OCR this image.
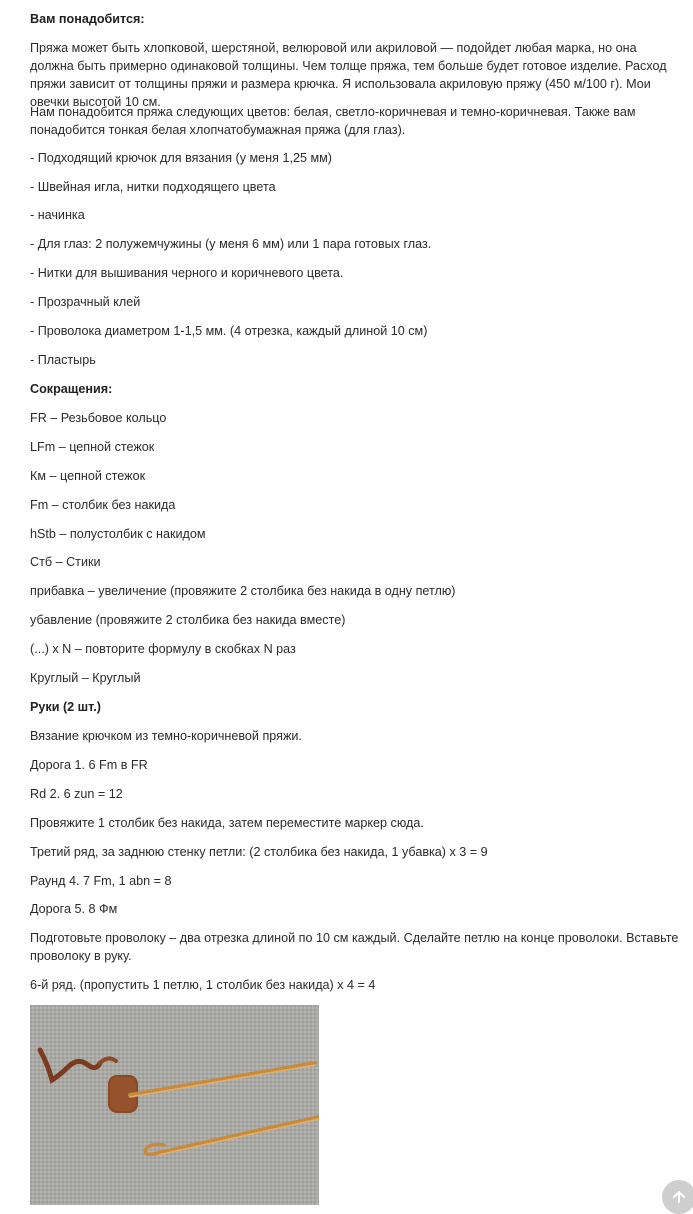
Вам понадобится:
Пряжа может быть хлопковой, шерстяной, велюровой или акриловой — подойдет любая марка, но она должна быть примерно одинаковой толщины. Чем толще пряжа, тем больше будет готовое изделие. Расход пряжи зависит от толщины пряжи и размера крючка. Я использовала акриловую пряжу (450 м/100 г). Мои овечки высотой 10 см.
Нам понадобится пряжа следующих цветов: белая, светло-коричневая и темно-коричневая. Также вам понадобится тонкая белая хлопчатобумажная пряжа (для глаз).
- Подходящий крючок для вязания (у меня 1,25 мм)
- Швейная игла, нитки подходящего цвета
- начинка
- Для глаз: 2 полужемчужины (у меня 6 мм) или 1 пара готовых глаз.
- Нитки для вышивания черного и коричневого цвета.
- Прозрачный клей
- Проволока диаметром 1-1,5 мм. (4 отрезка, каждый длиной 10 см)
- Пластырь
Сокращения:
FR – Резьбовое кольцо
LFm – цепной стежок
Км – цепной стежок
Fm – столбик без накида
hStb – полустолбик с накидом
Стб – Стики
прибавка – увеличение (провяжите 2 столбика без накида в одну петлю)
убавление (провяжите 2 столбика без накида вместе)
(...) x N – повторите формулу в скобках N раз
Круглый – Круглый
Руки (2 шт.)
Вязание крючком из темно-коричневой пряжи.
Дорога 1. 6 Fm в FR
Rd 2. 6 zun = 12
Провяжите 1 столбик без накида, затем переместите маркер сюда.
Третий ряд, за заднюю стенку петли: (2 столбика без накида, 1 убавка) x 3 = 9
Раунд 4. 7 Fm, 1 abn = 8
Дорога 5. 8 Фм
Подготовьте проволоку – два отрезка длиной по 10 см каждый. Сделайте петлю на конце проволоки. Вставьте проволоку в руку.
6-й ряд. (пропустить 1 петлю, 1 столбик без накида) x 4 = 4
